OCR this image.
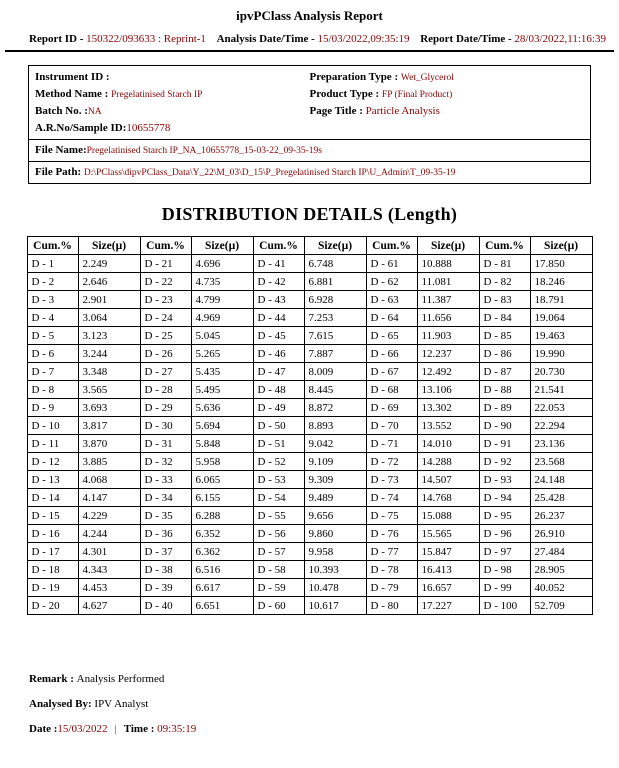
ipvPClass Analysis Report
Report ID - 150322/093633 : Reprint-1 Analysis Date/Time - 15/03/2022,09:35:19 Report Date/Time - 28/03/2022,11:16:39
Instrument ID :
Method Name : Pregelatinised Starch IP
Batch No. :NA
A.R.No/Sample ID:10655778
Preparation Type : Wet_Glycerol
Product Type : FP (Final Product)
Page Title : Particle Analysis
File Name:Pregelatinised Starch IP_NA_10655778_15-03-22_09-35-19s
File Path: D:\PClass\dipvPClass_Data\Y_22\M_03\D_15\P_Pregelatinised Starch IP\U_Admin\T_09-35-19
DISTRIBUTION DETAILS (Length)
Cum.%	Size(µ)	Cum.%	Size(µ)	Cum.%	Size(µ)	Cum.%	Size(µ)	Cum.%	Size(µ)
D - 1	2.249	D - 21	4.696	D - 41	6.748	D - 61	10.888	D - 81	17.850
D - 2	2.646	D - 22	4.735	D - 42	6.881	D - 62	11.081	D - 82	18.246
D - 3	2.901	D - 23	4.799	D - 43	6.928	D - 63	11.387	D - 83	18.791
D - 4	3.064	D - 24	4.969	D - 44	7.253	D - 64	11.656	D - 84	19.064
D - 5	3.123	D - 25	5.045	D - 45	7.615	D - 65	11.903	D - 85	19.463
D - 6	3.244	D - 26	5.265	D - 46	7.887	D - 66	12.237	D - 86	19.990
D - 7	3.348	D - 27	5.435	D - 47	8.009	D - 67	12.492	D - 87	20.730
D - 8	3.565	D - 28	5.495	D - 48	8.445	D - 68	13.106	D - 88	21.541
D - 9	3.693	D - 29	5.636	D - 49	8.872	D - 69	13.302	D - 89	22.053
D - 10	3.817	D - 30	5.694	D - 50	8.893	D - 70	13.552	D - 90	22.294
D - 11	3.870	D - 31	5.848	D - 51	9.042	D - 71	14.010	D - 91	23.136
D - 12	3.885	D - 32	5.958	D - 52	9.109	D - 72	14.288	D - 92	23.568
D - 13	4.068	D - 33	6.065	D - 53	9.309	D - 73	14.507	D - 93	24.148
D - 14	4.147	D - 34	6.155	D - 54	9.489	D - 74	14.768	D - 94	25.428
D - 15	4.229	D - 35	6.288	D - 55	9.656	D - 75	15.088	D - 95	26.237
D - 16	4.244	D - 36	6.352	D - 56	9.860	D - 76	15.565	D - 96	26.910
D - 17	4.301	D - 37	6.362	D - 57	9.958	D - 77	15.847	D - 97	27.484
D - 18	4.343	D - 38	6.516	D - 58	10.393	D - 78	16.413	D - 98	28.905
D - 19	4.453	D - 39	6.617	D - 59	10.478	D - 79	16.657	D - 99	40.052
D - 20	4.627	D - 40	6.651	D - 60	10.617	D - 80	17.227	D - 100	52.709
Remark : Analysis Performed
Analysed By: IPV Analyst
Date :15/03/2022 | Time : 09:35:19
